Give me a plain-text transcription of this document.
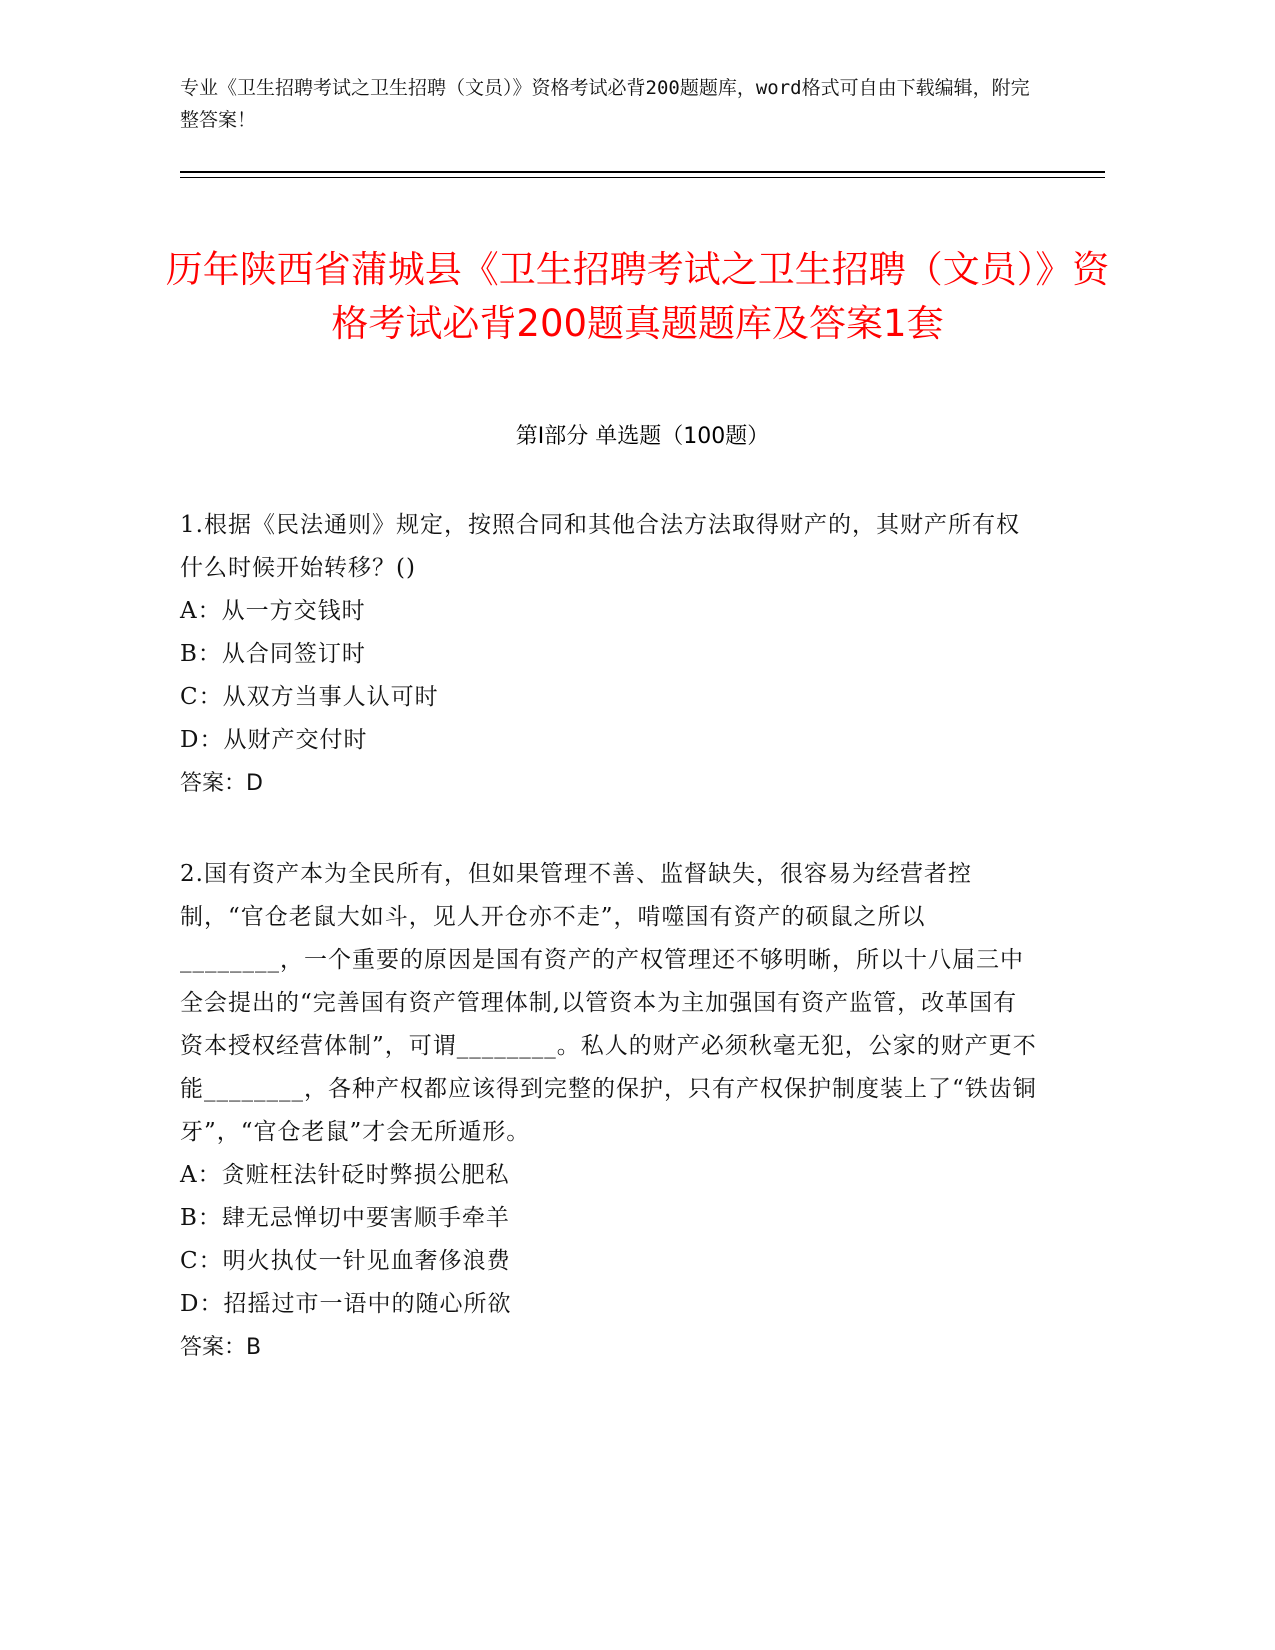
专业《卫生招聘考试之卫生招聘（文员）》资格考试必背200题题库，word格式可自由下载编辑，附完整答案！
历年陕西省蒲城县《卫生招聘考试之卫生招聘（文员）》资格考试必背200题真题题库及答案1套
第I部分 单选题（100题）

1.根据《民法通则》规定，按照合同和其他合法方法取得财产的，其财产所有权什么时候开始转移？()

A：从一方交钱时

B：从合同签订时

C：从双方当事人认可时

D：从财产交付时

答案：D

2.国有资产本为全民所有，但如果管理不善、监督缺失，很容易为经营者控制，“官仓老鼠大如斗，见人开仓亦不走”，啃噬国有资产的硕鼠之所以________，一个重要的原因是国有资产的产权管理还不够明晰，所以十八届三中全会提出的“完善国有资产管理体制,以管资本为主加强国有资产监管，改革国有资本授权经营体制”，可谓________。私人的财产必须秋毫无犯，公家的财产更不能________，各种产权都应该得到完整的保护，只有产权保护制度装上了“铁齿铜牙”，“官仓老鼠”才会无所遁形。

A：贪赃枉法针砭时弊损公肥私

B：肆无忌惮切中要害顺手牵羊

C：明火执仗一针见血奢侈浪费

D：招摇过市一语中的随心所欲

答案：B
